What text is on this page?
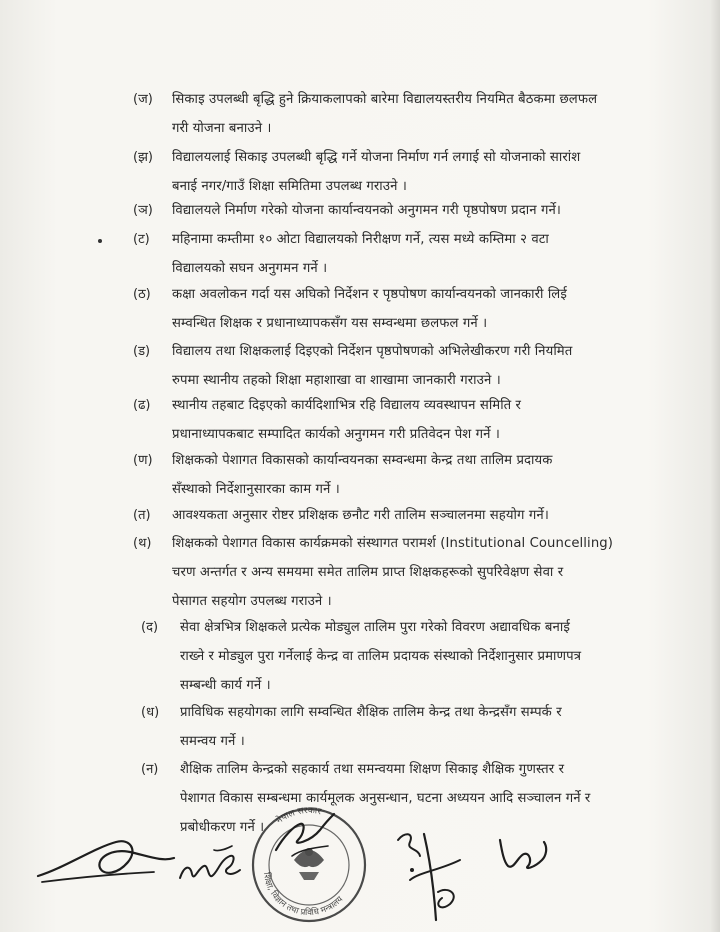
(ज) सिकाइ उपलब्धी बृद्धि हुने क्रियाकलापको बारेमा विद्यालयस्तरीय नियमित बैठकमा छलफल
गरी योजना बनाउने ।
(झ) विद्यालयलाई सिकाइ उपलब्धी बृद्धि गर्ने योजना निर्माण गर्न लगाई सो योजनाको सारांश
बनाई नगर/गाउँ शिक्षा समितिमा उपलब्ध गराउने ।
(ञ) विद्यालयले निर्माण गरेको योजना कार्यान्वयनको अनुगमन गरी पृष्ठपोषण प्रदान गर्ने।
(ट) महिनामा कम्तीमा १० ओटा विद्यालयको निरीक्षण गर्ने, त्यस मध्ये कम्तिमा २ वटा
विद्यालयको सघन अनुगमन गर्ने ।
(ठ) कक्षा अवलोकन गर्दा यस अघिको निर्देशन र पृष्ठपोषण कार्यान्वयनको जानकारी लिई
सम्वन्धित शिक्षक र प्रधानाध्यापकसँग यस सम्वन्धमा छलफल गर्ने ।
(ड) विद्यालय तथा शिक्षकलाई दिइएको निर्देशन पृष्ठपोषणको अभिलेखीकरण गरी नियमित
रुपमा स्थानीय तहको शिक्षा महाशाखा वा शाखामा जानकारी गराउने ।
(ढ) स्थानीय तहबाट दिइएको कार्यदिशाभित्र रहि विद्यालय व्यवस्थापन समिति र
प्रधानाध्यापकबाट सम्पादित कार्यको अनुगमन गरी प्रतिवेदन पेश गर्ने ।
(ण) शिक्षकको पेशागत विकासको कार्यान्वयनका सम्वन्धमा केन्द्र तथा तालिम प्रदायक
सँस्थाको निर्देशानुसारका काम गर्ने ।
(त) आवश्यकता अनुसार रोष्टर प्रशिक्षक छनौट गरी तालिम सञ्चालनमा सहयोग गर्ने।
(थ) शिक्षकको पेशागत विकास कार्यक्रमको संस्थागत परामर्श (Institutional Councelling)
चरण अन्तर्गत र अन्य समयमा समेत तालिम प्राप्त शिक्षकहरूको सुपरिवेक्षण सेवा र
पेसागत सहयोग उपलब्ध गराउने ।
(द) सेवा क्षेत्रभित्र शिक्षकले प्रत्येक मोड्युल तालिम पुरा गरेको विवरण अद्यावधिक बनाई
राख्ने र मोड्युल पुरा गर्नेलाई केन्द्र वा तालिम प्रदायक संस्थाको निर्देशानुसार प्रमाणपत्र
सम्बन्धी कार्य गर्ने ।
(ध) प्राविधिक सहयोगका लागि सम्वन्धित शैक्षिक तालिम केन्द्र तथा केन्द्रसँग सम्पर्क र
समन्वय गर्ने ।
(न) शैक्षिक तालिम केन्द्रको सहकार्य तथा समन्वयमा शिक्षण सिकाइ शैक्षिक गुणस्तर र
पेशागत विकास सम्बन्धमा कार्यमूलक अनुसन्धान, घटना अध्ययन आदि सञ्चालन गर्ने र
प्रबोधीकरण गर्ने ।
शिक्षा, विज्ञान तथा प्रविधि मन्त्रालय
नेपाल सरकार
